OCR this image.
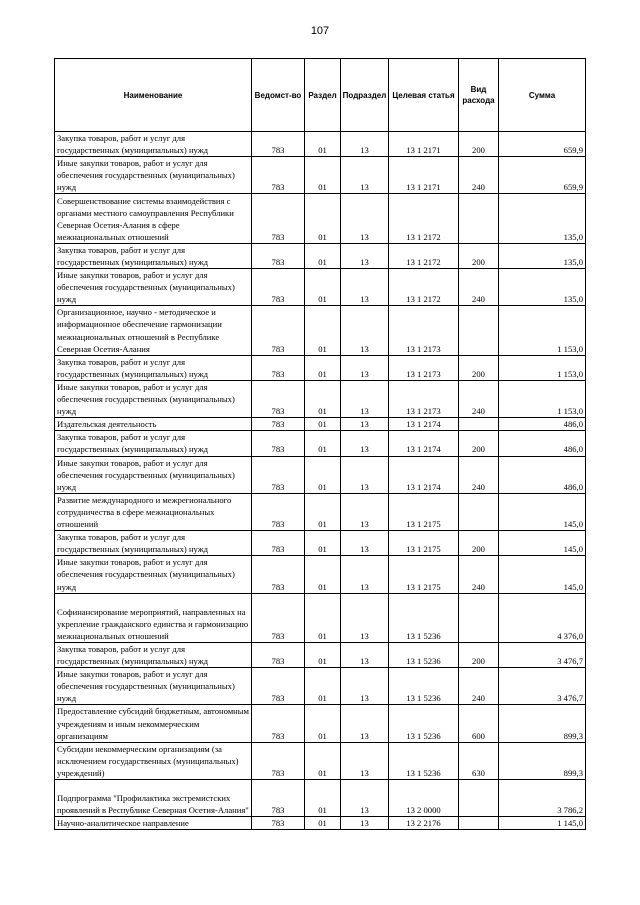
107
Наименование	Ведомст-во	Раздел	Подраздел	Целевая статья	Вид расхода	Сумма
Закупка товаров, работ и услуг для государственных (муниципальных) нужд	783	01	13	13 1 2171	200	659,9
Иные закупки товаров, работ и услуг для обеспечения государственных (муниципальных) нужд	783	01	13	13 1 2171	240	659,9
Совершенствование системы взаимодействия с органами местного самоуправления Республики Северная Осетия-Алания в сфере межнациональных отношений	783	01	13	13 1 2172		135,0
Закупка товаров, работ и услуг для государственных (муниципальных) нужд	783	01	13	13 1 2172	200	135,0
Иные закупки товаров, работ и услуг для обеспечения государственных (муниципальных) нужд	783	01	13	13 1 2172	240	135,0
Организационное, научно - методическое и информационное обеспечение гармонизации межнациональных отношений в Республике Северная Осетия-Алания	783	01	13	13 1 2173		1 153,0
Закупка товаров, работ и услуг для государственных (муниципальных) нужд	783	01	13	13 1 2173	200	1 153,0
Иные закупки товаров, работ и услуг для обеспечения государственных (муниципальных) нужд	783	01	13	13 1 2173	240	1 153,0
Издательская деятельность	783	01	13	13 1 2174		486,0
Закупка товаров, работ и услуг для государственных (муниципальных) нужд	783	01	13	13 1 2174	200	486,0
Иные закупки товаров, работ и услуг для обеспечения государственных (муниципальных) нужд	783	01	13	13 1 2174	240	486,0
Развитие международного и межрегионального сотрудничества в сфере межнациональных отношений	783	01	13	13 1 2175		145,0
Закупка товаров, работ и услуг для государственных (муниципальных) нужд	783	01	13	13 1 2175	200	145,0
Иные закупки товаров, работ и услуг для обеспечения государственных (муниципальных) нужд	783	01	13	13 1 2175	240	145,0
Софинансирование мероприятий, направленных на укрепление гражданского единства и гармонизацию межнациональных отношений	783	01	13	13 1 5236		4 376,0
Закупка товаров, работ и услуг для государственных (муниципальных) нужд	783	01	13	13 1 5236	200	3 476,7
Иные закупки товаров, работ и услуг для обеспечения государственных (муниципальных) нужд	783	01	13	13 1 5236	240	3 476,7
Предоставление субсидий бюджетным, автономным учреждениям и иным некоммерческим организациям	783	01	13	13 1 5236	600	899,3
Субсидии некоммерческим организациям (за исключением государственных (муниципальных) учреждений)	783	01	13	13 1 5236	630	899,3
Подпрограмма "Профилактика экстремистских проявлений в Республике Северная Осетия-Алания"	783	01	13	13 2 0000		3 786,2
Научно-аналитическое направление	783	01	13	13 2 2176		1 145,0
